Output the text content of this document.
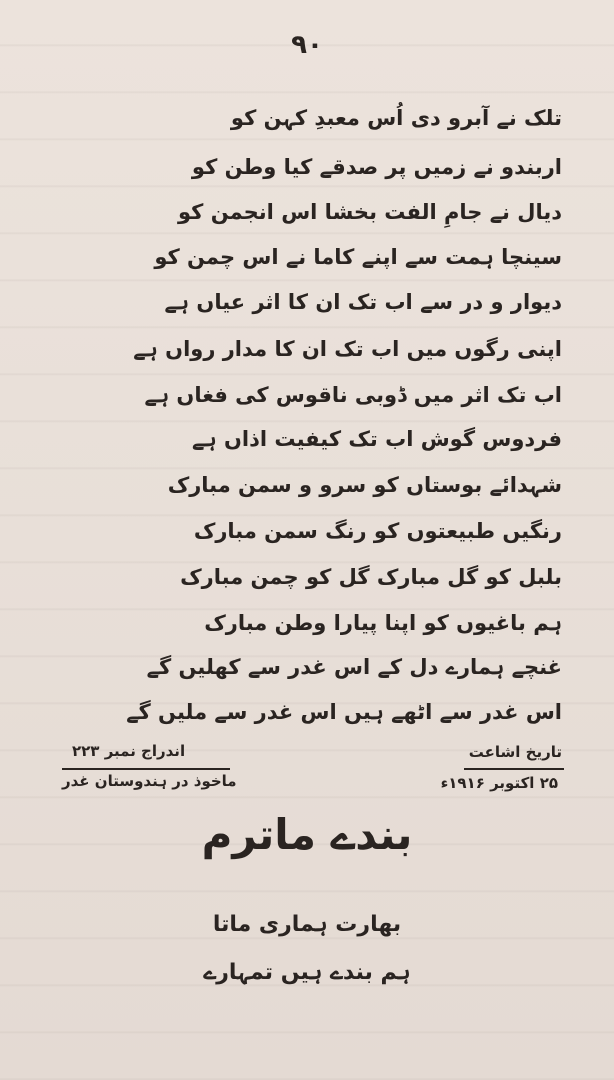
۹۰
تلک نے آبرو دی اُس معبدِ کہن کو
اربندو نے زمیں پر صدقے کیا وطن کو
دیال نے جامِ الفت بخشا اس انجمن کو
سینچا ہمت سے اپنے کاما نے اس چمن کو
دیوار و در سے اب تک ان کا اثر عیاں ہے
اپنی رگوں میں اب تک ان کا مدار رواں ہے
اب تک اثر میں ڈوبی ناقوس کی فغاں ہے
فردوس گوش اب تک کیفیت اذاں ہے
شہدائے بوستاں کو سرو و سمن مبارک
رنگیں طبیعتوں کو رنگ سمن مبارک
بلبل کو گل مبارک گل کو چمن مبارک
ہم باغیوں کو اپنا پیارا وطن مبارک
غنچے ہمارے دل کے اس غدر سے کھلیں گے
اس غدر سے اٹھے ہیں اس غدر سے ملیں گے
تاریخ اشاعت
۲۵ اکتوبر ۱۹۱۶ء
اندراج نمبر ۲۲۳
ماخوذ در ہندوستان غدر
بندے ماترم
بھارت ہماری ماتا
ہم بندے ہیں تمہارے
